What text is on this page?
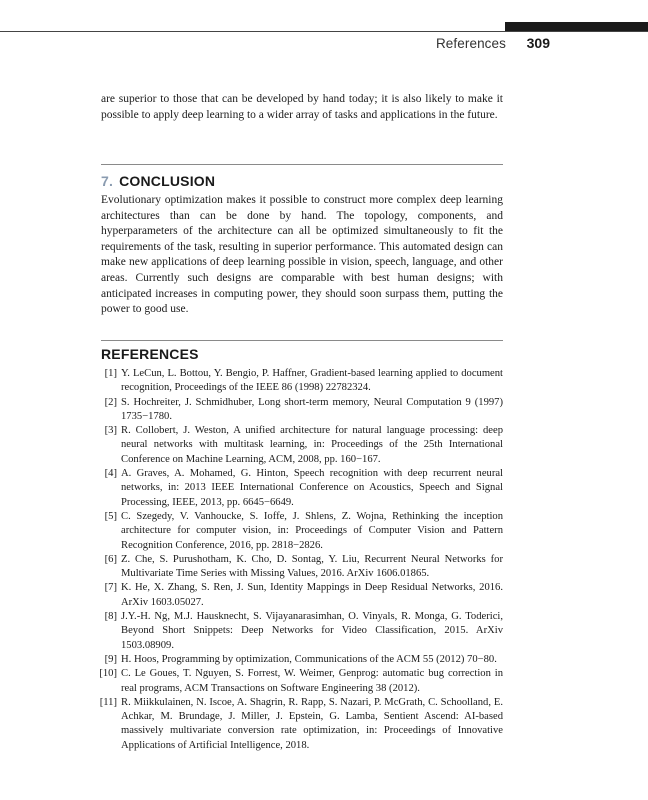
References 309

are superior to those that can be developed by hand today; it is also likely to make it possible to apply deep learning to a wider array of tasks and applications in the future.

7. CONCLUSION

Evolutionary optimization makes it possible to construct more complex deep learning architectures than can be done by hand. The topology, components, and hyperparameters of the architecture can all be optimized simultaneously to fit the requirements of the task, resulting in superior performance. This automated design can make new applications of deep learning possible in vision, speech, language, and other areas. Currently such designs are comparable with best human designs; with anticipated increases in computing power, they should soon surpass them, putting the power to good use.

REFERENCES
[1] Y. LeCun, L. Bottou, Y. Bengio, P. Haffner, Gradient-based learning applied to document recognition, Proceedings of the IEEE 86 (1998) 22782324.
[2] S. Hochreiter, J. Schmidhuber, Long short-term memory, Neural Computation 9 (1997) 1735−1780.
[3] R. Collobert, J. Weston, A unified architecture for natural language processing: deep neural networks with multitask learning, in: Proceedings of the 25th International Conference on Machine Learning, ACM, 2008, pp. 160−167.
[4] A. Graves, A. Mohamed, G. Hinton, Speech recognition with deep recurrent neural networks, in: 2013 IEEE International Conference on Acoustics, Speech and Signal Processing, IEEE, 2013, pp. 6645−6649.
[5] C. Szegedy, V. Vanhoucke, S. Ioffe, J. Shlens, Z. Wojna, Rethinking the inception architecture for computer vision, in: Proceedings of Computer Vision and Pattern Recognition Conference, 2016, pp. 2818−2826.
[6] Z. Che, S. Purushotham, K. Cho, D. Sontag, Y. Liu, Recurrent Neural Networks for Multivariate Time Series with Missing Values, 2016. ArXiv 1606.01865.
[7] K. He, X. Zhang, S. Ren, J. Sun, Identity Mappings in Deep Residual Networks, 2016. ArXiv 1603.05027.
[8] J.Y.-H. Ng, M.J. Hausknecht, S. Vijayanarasimhan, O. Vinyals, R. Monga, G. Toderici, Beyond Short Snippets: Deep Networks for Video Classification, 2015. ArXiv 1503.08909.
[9] H. Hoos, Programming by optimization, Communications of the ACM 55 (2012) 70−80.
[10] C. Le Goues, T. Nguyen, S. Forrest, W. Weimer, Genprog: automatic bug correction in real programs, ACM Transactions on Software Engineering 38 (2012).
[11] R. Miikkulainen, N. Iscoe, A. Shagrin, R. Rapp, S. Nazari, P. McGrath, C. Schoolland, E. Achkar, M. Brundage, J. Miller, J. Epstein, G. Lamba, Sentient Ascend: AI-based massively multivariate conversion rate optimization, in: Proceedings of Innovative Applications of Artificial Intelligence, 2018.
